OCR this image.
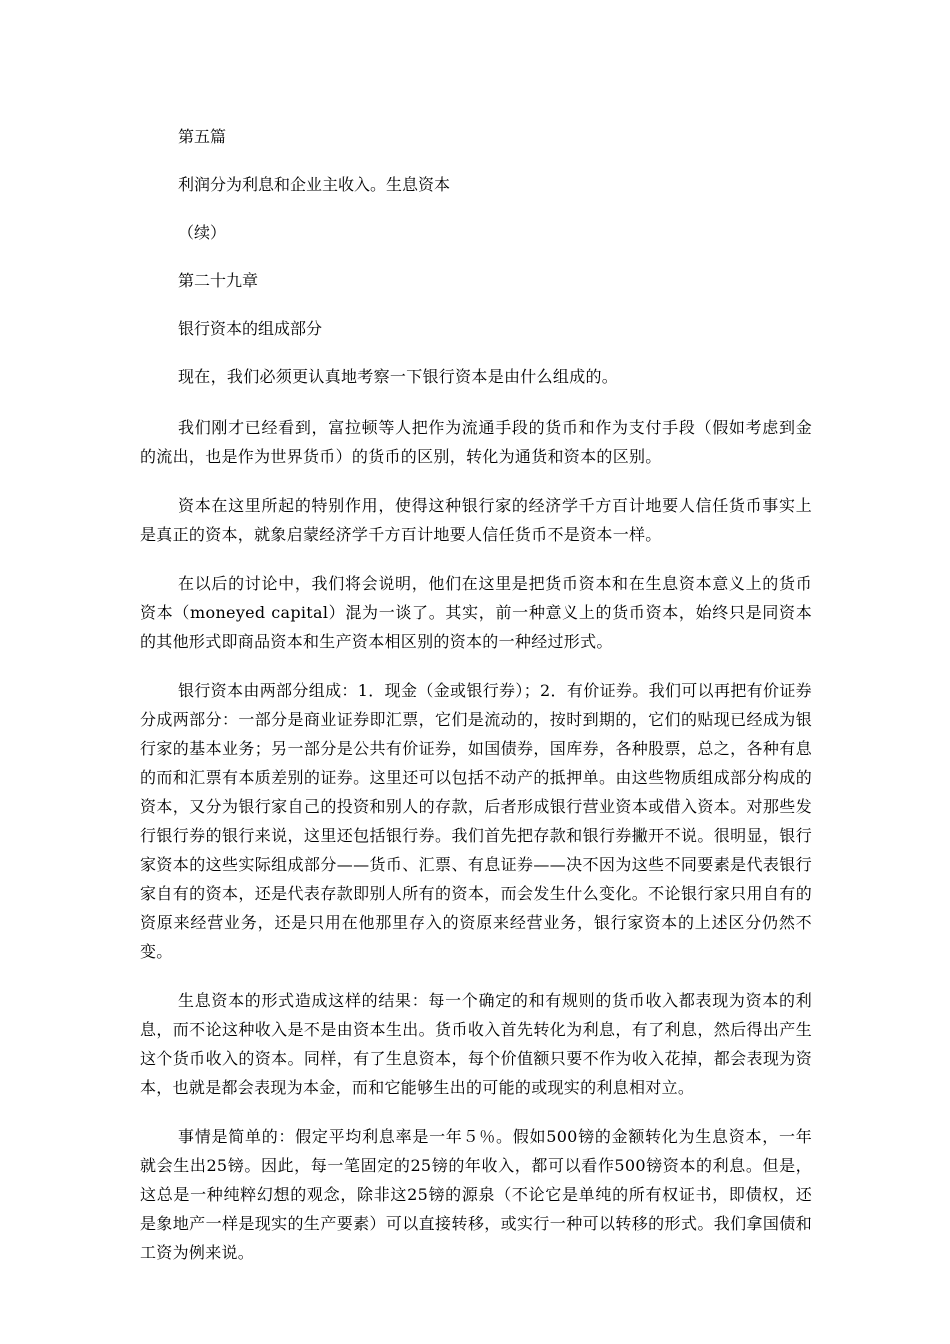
第五篇
利润分为利息和企业主收入。生息资本
（续）
第二十九章
银行资本的组成部分

现在，我们必须更认真地考察一下银行资本是由什么组成的。

我们刚才已经看到，富拉顿等人把作为流通手段的货币和作为支付手段（假如考虑到金的流出，也是作为世界货币）的货币的区别，转化为通货和资本的区别。

资本在这里所起的特别作用，使得这种银行家的经济学千方百计地要人信任货币事实上是真正的资本，就象启蒙经济学千方百计地要人信任货币不是资本一样。

在以后的讨论中，我们将会说明，他们在这里是把货币资本和在生息资本意义上的货币资本（moneyed capital）混为一谈了。其实，前一种意义上的货币资本，始终只是同资本的其他形式即商品资本和生产资本相区别的资本的一种经过形式。

银行资本由两部分组成：1．现金（金或银行券）；2．有价证券。我们可以再把有价证券分成两部分：一部分是商业证券即汇票，它们是流动的，按时到期的，它们的贴现已经成为银行家的基本业务；另一部分是公共有价证券，如国债券，国库券，各种股票，总之，各种有息的而和汇票有本质差别的证券。这里还可以包括不动产的抵押单。由这些物质组成部分构成的资本，又分为银行家自己的投资和别人的存款，后者形成银行营业资本或借入资本。对那些发行银行券的银行来说，这里还包括银行券。我们首先把存款和银行券撇开不说。很明显，银行家资本的这些实际组成部分——货币、汇票、有息证券——决不因为这些不同要素是代表银行家自有的资本，还是代表存款即别人所有的资本，而会发生什么变化。不论银行家只用自有的资原来经营业务，还是只用在他那里存入的资原来经营业务，银行家资本的上述区分仍然不变。

生息资本的形式造成这样的结果：每一个确定的和有规则的货币收入都表现为资本的利息，而不论这种收入是不是由资本生出。货币收入首先转化为利息，有了利息，然后得出产生这个货币收入的资本。同样，有了生息资本，每个价值额只要不作为收入花掉，都会表现为资本，也就是都会表现为本金，而和它能够生出的可能的或现实的利息相对立。

事情是简单的：假定平均利息率是一年５％。假如500镑的金额转化为生息资本，一年就会生出25镑。因此，每一笔固定的25镑的年收入，都可以看作500镑资本的利息。但是，这总是一种纯粹幻想的观念，除非这25镑的源泉（不论它是单纯的所有权证书，即债权，还是象地产一样是现实的生产要素）可以直接转移，或实行一种可以转移的形式。我们拿国债和工资为例来说。
